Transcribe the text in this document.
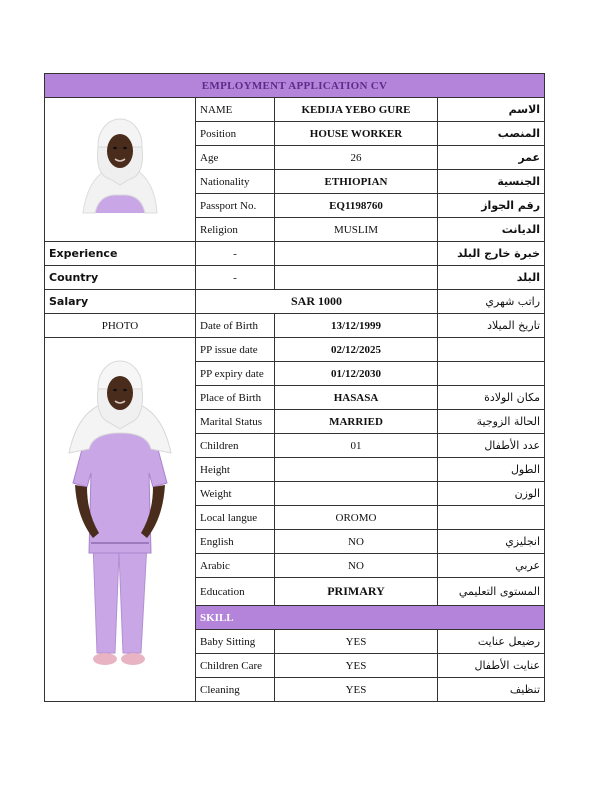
EMPLOYMENT APPLICATION CV			
	NAME	KEDIJA YEBO GURE	الاسم
	Position	HOUSE WORKER	المنصب
	Age	26	عمر
	Nationality	ETHIOPIAN	الجنسية
	Passport No.	EQ1198760	رقم الجواز
	Religion	MUSLIM	الديانت
Experience	-		خبرة خارج البلد
Country	-		البلد
Salary	SAR 1000		راتب شهري
PHOTO	Date of Birth	13/12/1999	تاريخ الميلاد
	PP issue date	02/12/2025	
	PP expiry date	01/12/2030	
	Place of Birth	HASASA	مكان الولادة
	Marital Status	MARRIED	الحالة الزوجية
	Children	01	عدد الأطفال
	Height		الطول
	Weight		الوزن
	Local langue	OROMO	
	English	NO	انجليزي
	Arabic	NO	عربي
	Education	PRIMARY	المستوى التعليمي
	SKILL		
	Baby Sitting	YES	رضيعل عنايت
	Children Care	YES	عنايت الأطفال
	Cleaning	YES	تنظيف
